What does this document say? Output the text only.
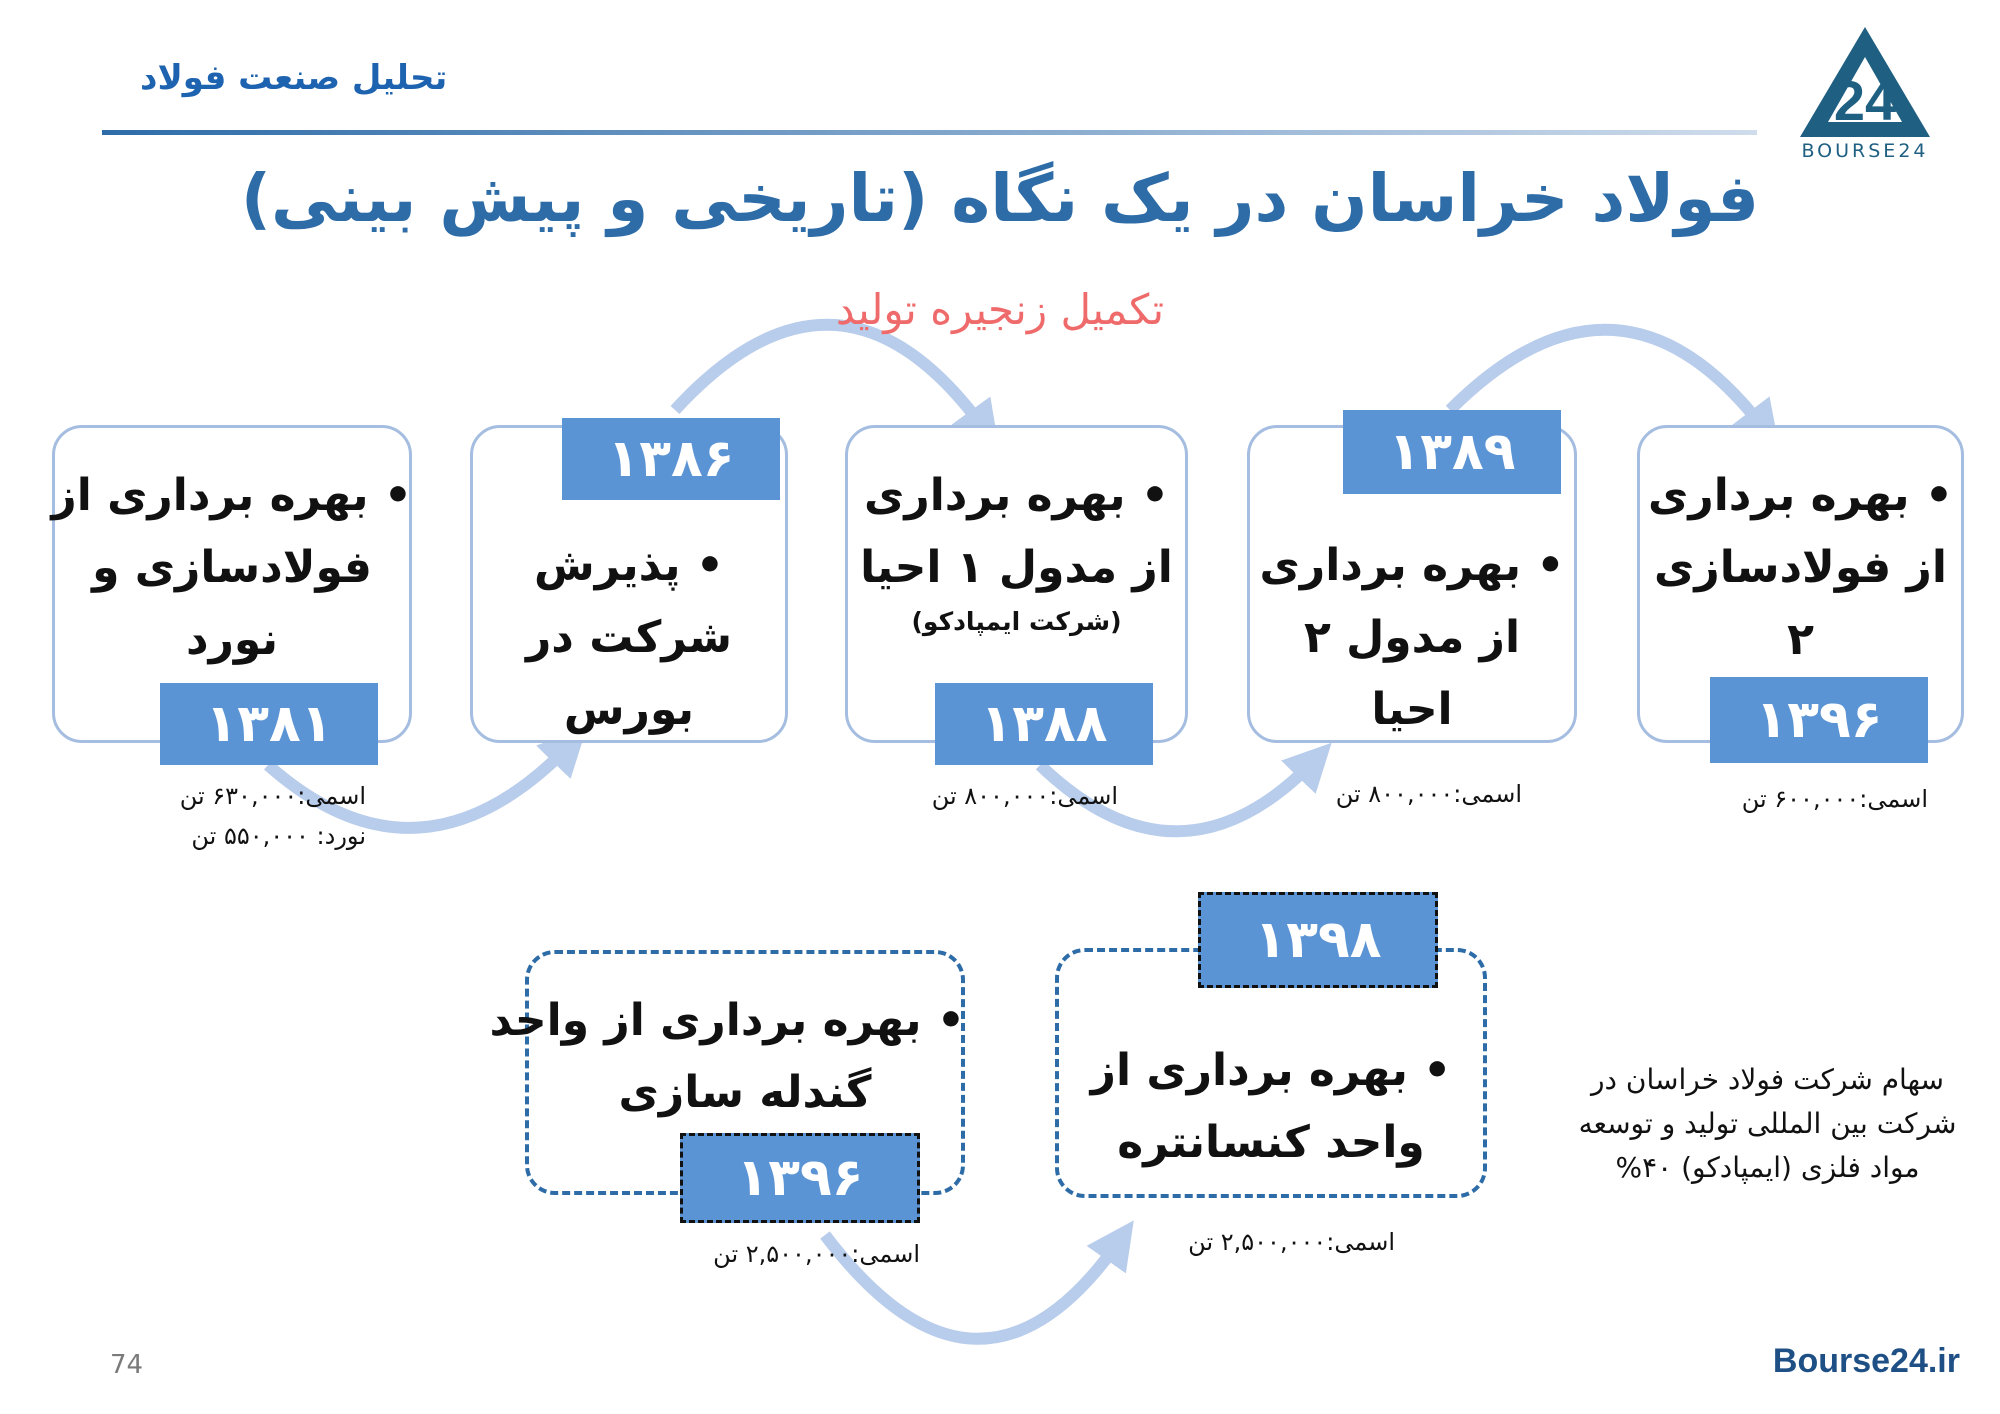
تحلیل صنعت فولاد	24
BOURSE24
فولاد خراسان در یک نگاه (تاریخی و پیش بینی)
تکمیل زنجیره تولید
• بهره برداری از
فولادسازی و
نورد
۱۳۸۱
اسمی:۶۳۰,۰۰۰ تن
نورد: ۵۵۰,۰۰۰ تن
• پذیرش
شرکت در
بورس
۱۳۸۶
• بهره برداری
از مدول ۱ احیا
(شرکت ایمپادکو)
۱۳۸۸
اسمی:۸۰۰,۰۰۰ تن
• بهره برداری
از مدول ۲
احیا
۱۳۸۹
اسمی:۸۰۰,۰۰۰ تن
• بهره برداری
از فولادسازی
۲
۱۳۹۶
اسمی:۶۰۰,۰۰۰ تن
• بهره برداری از واحد
گندله سازی
۱۳۹۶
اسمی:۲,۵۰۰,۰۰۰ تن
• بهره برداری از
واحد کنسانتره
۱۳۹۸
اسمی:۲,۵۰۰,۰۰۰ تن
سهام شرکت فولاد خراسان در
شرکت بین المللی تولید و توسعه
مواد فلزی (ایمپادکو) ۴۰%
74	Bourse24.ir
